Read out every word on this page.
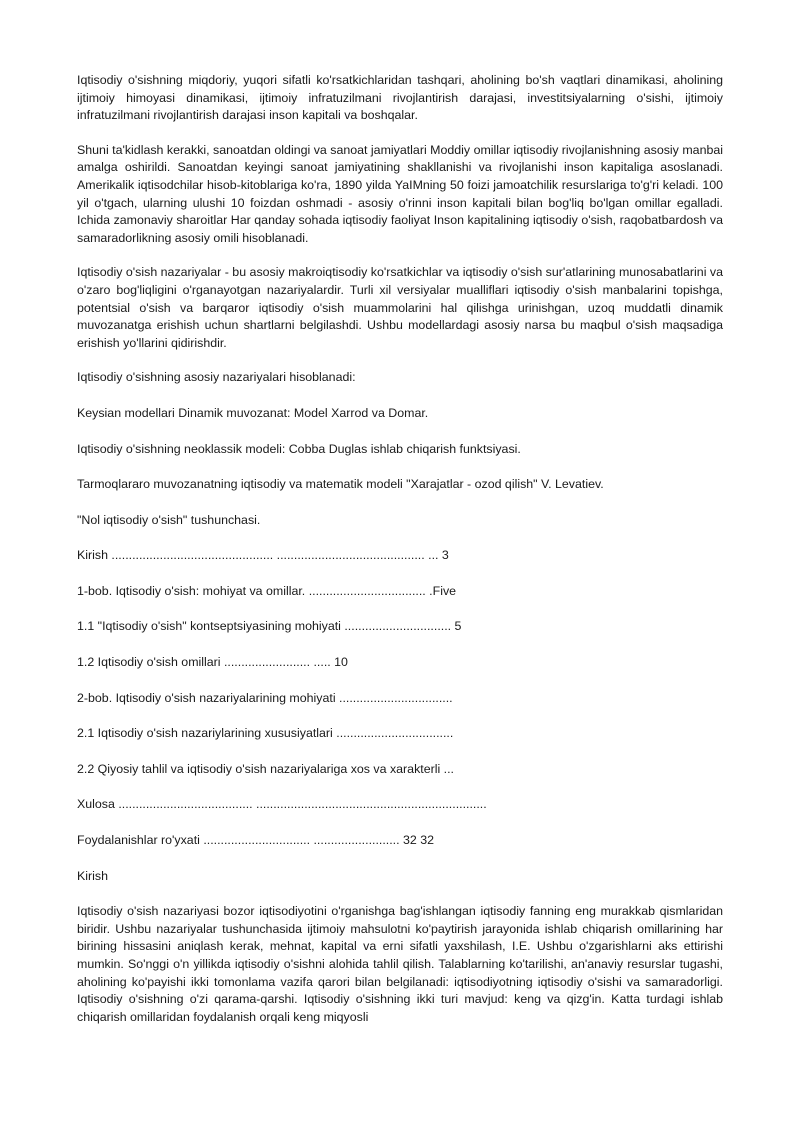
Iqtisodiy o'sishning miqdoriy, yuqori sifatli ko'rsatkichlaridan tashqari, aholining bo'sh vaqtlari dinamikasi, aholining ijtimoiy himoyasi dinamikasi, ijtimoiy infratuzilmani rivojlantirish darajasi, investitsiyalarning o'sishi, ijtimoiy infratuzilmani rivojlantirish darajasi inson kapitali va boshqalar.

Shuni ta'kidlash kerakki, sanoatdan oldingi va sanoat jamiyatlari Moddiy omillar iqtisodiy rivojlanishning asosiy manbai amalga oshirildi. Sanoatdan keyingi sanoat jamiyatining shakllanishi va rivojlanishi inson kapitaliga asoslanadi. Amerikalik iqtisodchilar hisob-kitoblariga ko'ra, 1890 yilda YaIMning 50 foizi jamoatchilik resurslariga to'g'ri keladi. 100 yil o'tgach, ularning ulushi 10 foizdan oshmadi - asosiy o'rinni inson kapitali bilan bog'liq bo'lgan omillar egalladi. Ichida zamonaviy sharoitlar Har qanday sohada iqtisodiy faoliyat Inson kapitalining iqtisodiy o'sish, raqobatbardosh va samaradorlikning asosiy omili hisoblanadi.

Iqtisodiy o'sish nazariyalar - bu asosiy makroiqtisodiy ko'rsatkichlar va iqtisodiy o'sish sur'atlarining munosabatlarini va o'zaro bog'liqligini o'rganayotgan nazariyalardir. Turli xil versiyalar mualliflari iqtisodiy o'sish manbalarini topishga, potentsial o'sish va barqaror iqtisodiy o'sish muammolarini hal qilishga urinishgan, uzoq muddatli dinamik muvozanatga erishish uchun shartlarni belgilashdi. Ushbu modellardagi asosiy narsa bu maqbul o'sish maqsadiga erishish yo'llarini qidirishdir.

Iqtisodiy o'sishning asosiy nazariyalari hisoblanadi:

Keysian modellari Dinamik muvozanat: Model Xarrod va Domar.

Iqtisodiy o'sishning neoklassik modeli: Cobba Duglas ishlab chiqarish funktsiyasi.

Tarmoqlararo muvozanatning iqtisodiy va matematik modeli "Xarajatlar - ozod qilish" V. Levatiev.

"Nol iqtisodiy o'sish" tushunchasi.

Kirish ............................................... ........................................... ... 3

1-bob. Iqtisodiy o'sish: mohiyat va omillar. .................................. .Five

1.1 "Iqtisodiy o'sish" kontseptsiyasining mohiyati ............................... 5

1.2 Iqtisodiy o'sish omillari ......................... ..... 10

2-bob. Iqtisodiy o'sish nazariyalarining mohiyati .................................

2.1 Iqtisodiy o'sish nazariylarining xususiyatlari ..................................

2.2 Qiyosiy tahlil va iqtisodiy o'sish nazariyalariga xos va xarakterli ...

Xulosa ....................................... ...................................................................

Foydalanishlar ro'yxati ............................... ......................... 32 32

Kirish

Iqtisodiy o'sish nazariyasi bozor iqtisodiyotini o'rganishga bag'ishlangan iqtisodiy fanning eng murakkab qismlaridan biridir. Ushbu nazariyalar tushunchasida ijtimoiy mahsulotni ko'paytirish jarayonida ishlab chiqarish omillarining har birining hissasini aniqlash kerak, mehnat, kapital va erni sifatli yaxshilash, I.E. Ushbu o'zgarishlarni aks ettirishi mumkin. So'nggi o'n yillikda iqtisodiy o'sishni alohida tahlil qilish. Talablarning ko'tarilishi, an'anaviy resurslar tugashi, aholining ko'payishi ikki tomonlama vazifa qarori bilan belgilanadi: iqtisodiyotning iqtisodiy o'sishi va samaradorligi. Iqtisodiy o'sishning o'zi qarama-qarshi. Iqtisodiy o'sishning ikki turi mavjud: keng va qizg'in. Katta turdagi ishlab chiqarish omillaridan foydalanish orqali keng miqyosli
